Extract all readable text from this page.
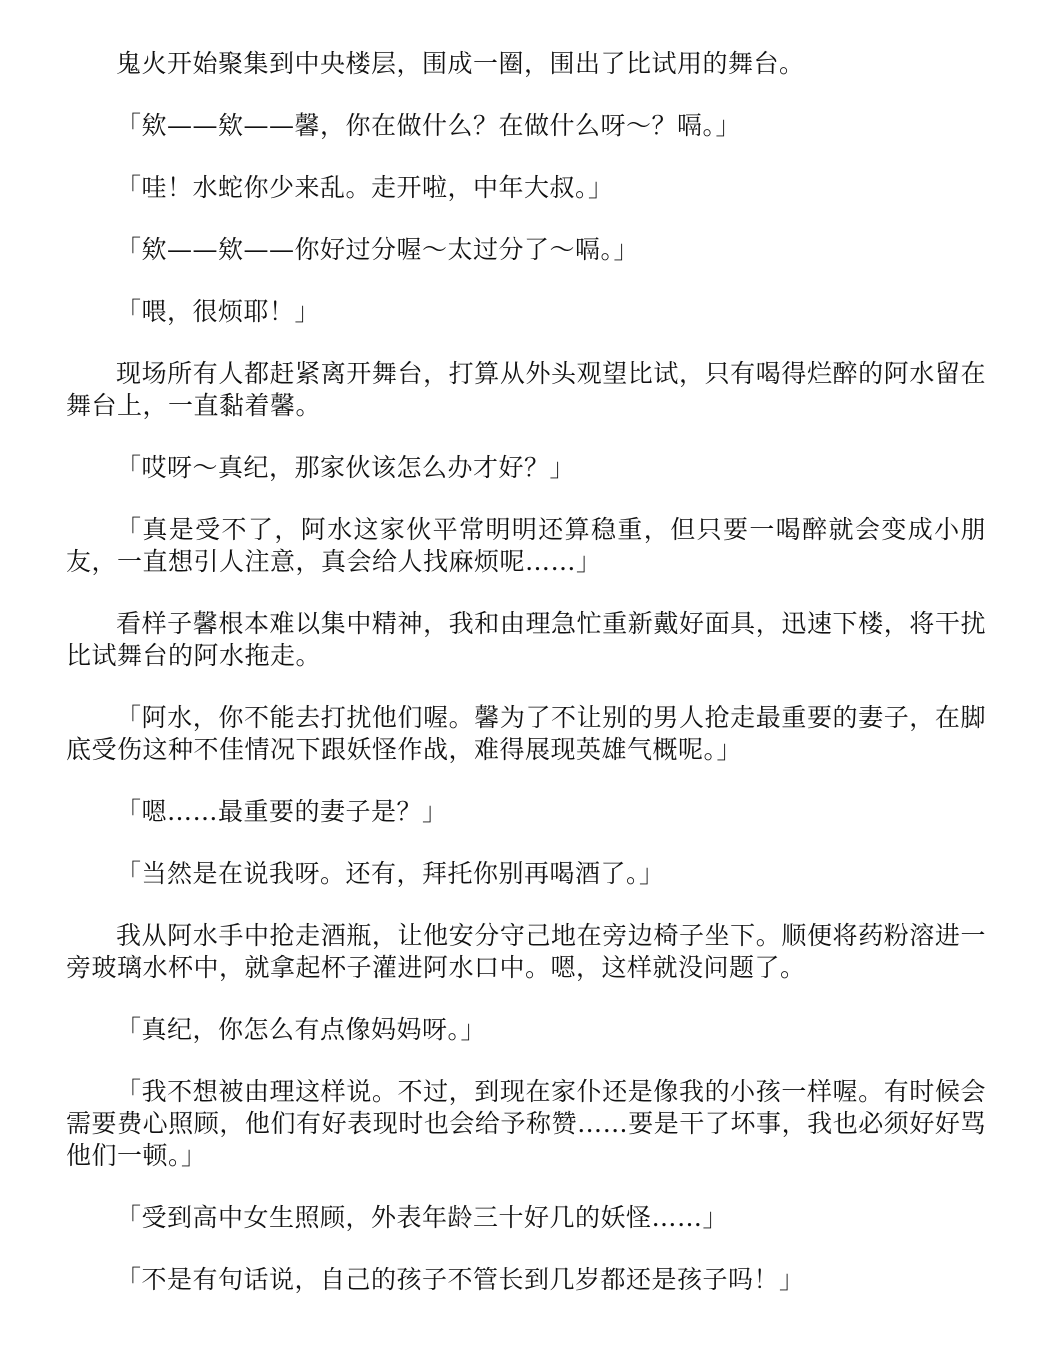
鬼火开始聚集到中央楼层，围成一圈，围出了比试用的舞台。

「欸——欸——馨，你在做什么？在做什么呀～？嗝。」

「哇！水蛇你少来乱。走开啦，中年大叔。」

「欸——欸——你好过分喔～太过分了～嗝。」

「喂，很烦耶！」

现场所有人都赶紧离开舞台，打算从外头观望比试，只有喝得烂醉的阿水留在舞台上，一直黏着馨。

「哎呀～真纪，那家伙该怎么办才好？」

「真是受不了，阿水这家伙平常明明还算稳重，但只要一喝醉就会变成小朋友，一直想引人注意，真会给人找麻烦呢……」

看样子馨根本难以集中精神，我和由理急忙重新戴好面具，迅速下楼，将干扰比试舞台的阿水拖走。

「阿水，你不能去打扰他们喔。馨为了不让别的男人抢走最重要的妻子，在脚底受伤这种不佳情况下跟妖怪作战，难得展现英雄气概呢。」

「嗯……最重要的妻子是？」

「当然是在说我呀。还有，拜托你别再喝酒了。」

我从阿水手中抢走酒瓶，让他安分守己地在旁边椅子坐下。顺便将药粉溶进一旁玻璃水杯中，就拿起杯子灌进阿水口中。嗯，这样就没问题了。

「真纪，你怎么有点像妈妈呀。」

「我不想被由理这样说。不过，到现在家仆还是像我的小孩一样喔。有时候会需要费心照顾，他们有好表现时也会给予称赞……要是干了坏事，我也必须好好骂他们一顿。」

「受到高中女生照顾，外表年龄三十好几的妖怪……」

「不是有句话说，自己的孩子不管长到几岁都还是孩子吗！」
